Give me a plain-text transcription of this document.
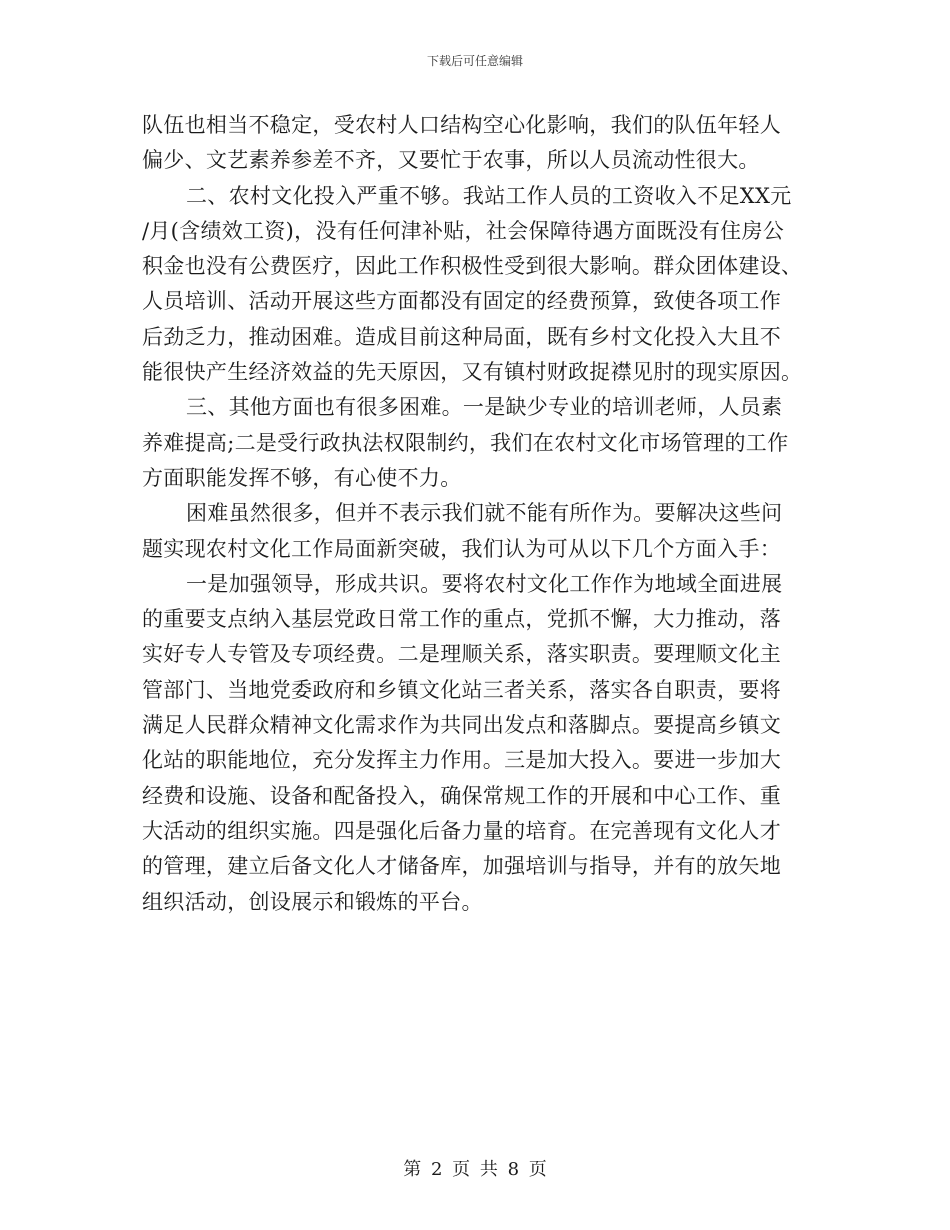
下载后可任意编辑
队伍也相当不稳定，受农村人口结构空心化影响，我们的队伍年轻人
偏少、文艺素养参差不齐，又要忙于农事，所以人员流动性很大。
二、农村文化投入严重不够。我站工作人员的工资收入不足XX元
/月(含绩效工资)，没有任何津补贴，社会保障待遇方面既没有住房公
积金也没有公费医疗，因此工作积极性受到很大影响。群众团体建设、
人员培训、活动开展这些方面都没有固定的经费预算，致使各项工作
后劲乏力，推动困难。造成目前这种局面，既有乡村文化投入大且不
能很快产生经济效益的先天原因，又有镇村财政捉襟见肘的现实原因。
三、其他方面也有很多困难。一是缺少专业的培训老师，人员素
养难提高;二是受行政执法权限制约，我们在农村文化市场管理的工作
方面职能发挥不够，有心使不力。
困难虽然很多，但并不表示我们就不能有所作为。要解决这些问
题实现农村文化工作局面新突破，我们认为可从以下几个方面入手：
一是加强领导，形成共识。要将农村文化工作作为地域全面进展
的重要支点纳入基层党政日常工作的重点，党抓不懈，大力推动，落
实好专人专管及专项经费。二是理顺关系，落实职责。要理顺文化主
管部门、当地党委政府和乡镇文化站三者关系，落实各自职责，要将
满足人民群众精神文化需求作为共同出发点和落脚点。要提高乡镇文
化站的职能地位，充分发挥主力作用。三是加大投入。要进一步加大
经费和设施、设备和配备投入，确保常规工作的开展和中心工作、重
大活动的组织实施。四是强化后备力量的培育。在完善现有文化人才
的管理，建立后备文化人才储备库，加强培训与指导，并有的放矢地
组织活动，创设展示和锻炼的平台。
第 2 页 共 8 页
